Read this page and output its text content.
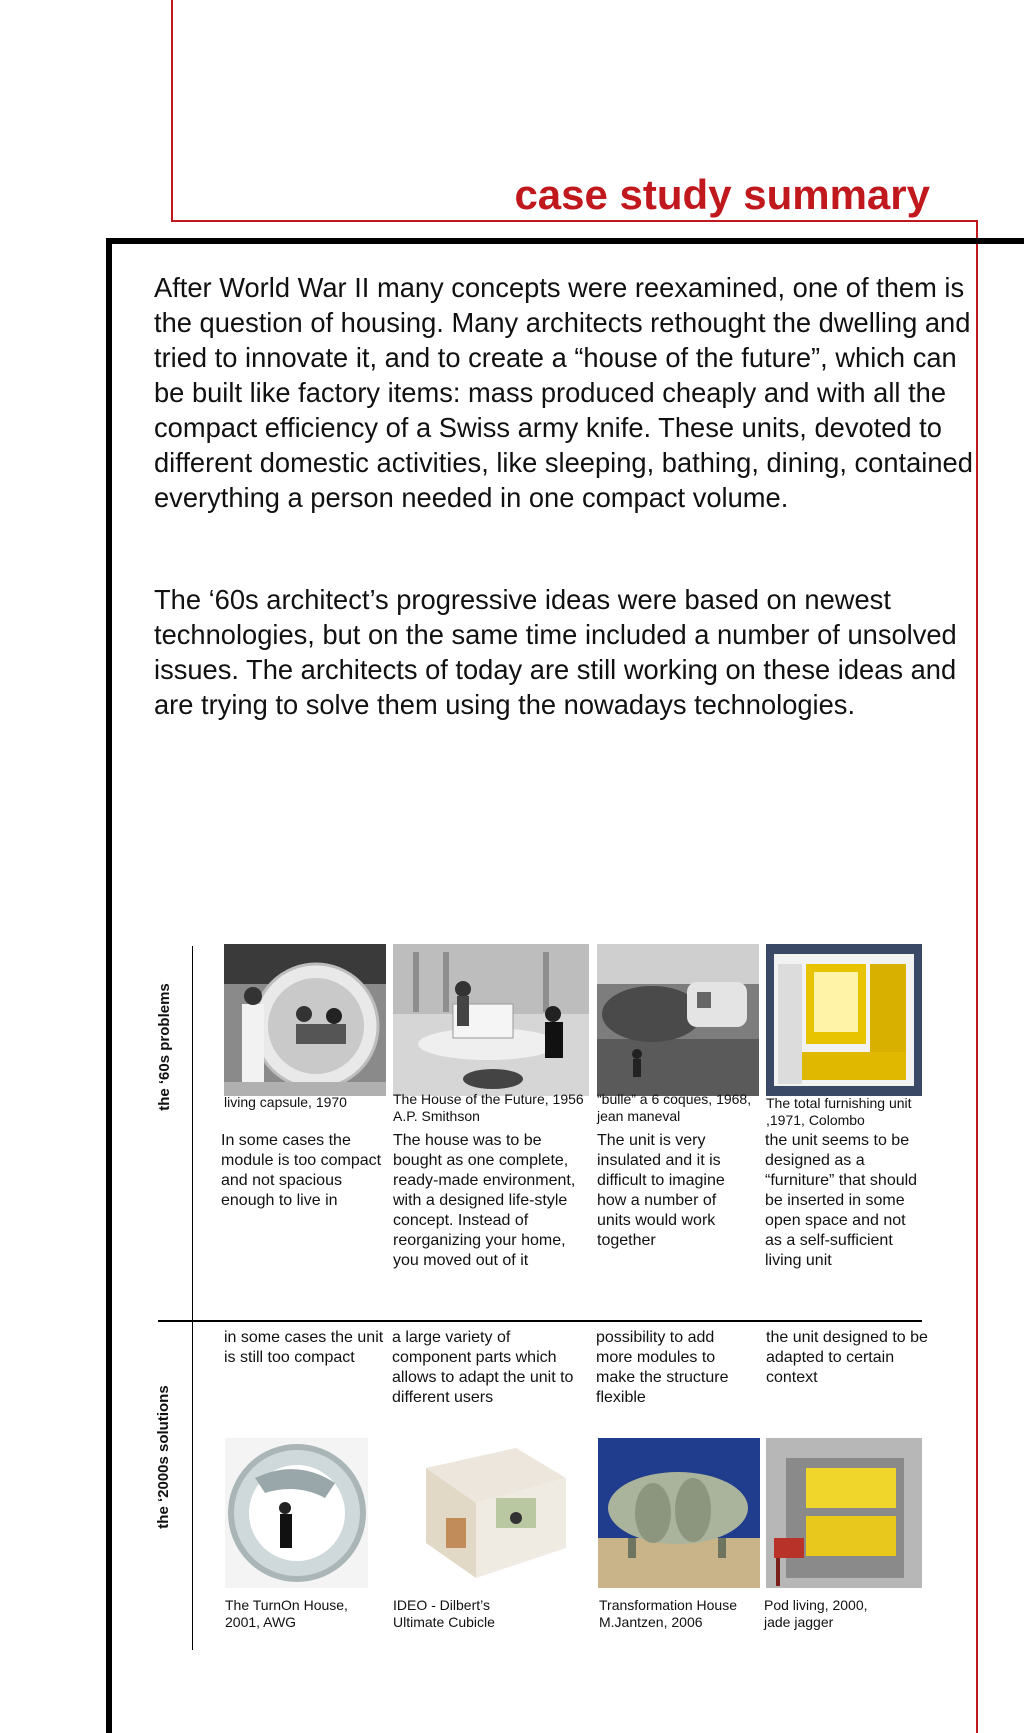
case study summary
After World War II many concepts were reexamined, one of them is the question of housing. Many architects rethought the dwelling and tried to innovate it, and to create a “house of the future”, which can be built like factory items: mass produced cheaply and with all the compact efficiency of a Swiss army knife. These units, devoted to different domestic activities, like sleeping, bathing, dining, contained everything a person needed in one compact volume.
The ‘60s architect’s progressive ideas were based on newest technologies, but on the same time included a number of unsolved issues. The architects of today are still working on these ideas and are trying to solve them using the nowadays technologies.
the ‘60s problems
the ‘2000s solutions
living capsule, 1970	The House of the Future, 1956 A.P. Smithson
“bulle” a 6 coques, 1968, jean maneval
The total furnishing unit ,1971, Colombo
In some cases the module is too compact and not spacious enough to live in
The house was to be bought as one complete, ready-made environment, with a designed life-style concept. Instead of reorganizing your home, you moved out of it
The unit is very insulated and it is difficult to imagine how a number of units would work together
the unit seems to be designed as a “furniture” that should be inserted in some open space and not as a self-sufficient living unit
in some cases the unit is still too compact
a large variety of component parts which allows to adapt the unit to different users
possibility to add more modules to make the structure flexible
the unit designed to be adapted to certain context
The TurnOn House, 2001, AWG
IDEO - Dilbert’s Ultimate Cubicle
Transformation House M.Jantzen, 2006
Pod living, 2000, jade jagger
